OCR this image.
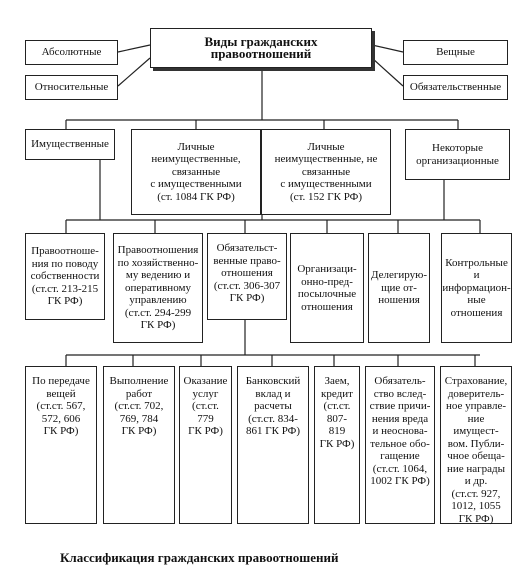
Виды гражданских правоотношений
Абсолютные
Относительные
Вещные
Обязательственные
Имущественные	Личные
неимущественные,
связанные
с имущественными
(ст. 1084 ГК РФ)
Личные
неимущественные, не
связанные
с имущественными
(ст. 152 ГК РФ)
Некоторые
организационные
Правоотноше-
ния по поводу
собственности
(ст.ст. 213-215
ГК РФ)
Правоотношения
по хозяйственно-
му ведению и
оперативному
управлению
(ст.ст. 294-299
ГК РФ)
Обязательст-
венные право-
отношения
(ст.ст. 306-307
ГК РФ)
Организаци-
онно-пред-
посылочные
отношения
Делегирую-
щие от-
ношения
Контрольные
и
информацион-
ные
отношения
По передаче
вещей
(ст.ст. 567,
572, 606
ГК РФ)
Выполнение
работ
(ст.ст. 702,
769, 784
ГК РФ)
Оказание
услуг
(ст.ст. 779
ГК РФ)
Банковский
вклад и
расчеты
(ст.ст. 834-
861 ГК РФ)
Заем,
кредит
(ст.ст.
807-
819
ГК РФ)
Обязатель-
ство вслед-
ствие причи-
нения вреда
и неоснова-
тельное обо-
гащение
(ст.ст. 1064,
1002 ГК РФ)
Страхование,
доверитель-
ное управле-
ние имущест-
вом. Публи-
чное обеща-
ние награды
и др.
(ст.ст. 927,
1012, 1055
ГК РФ)
Классификация гражданских правоотношений
